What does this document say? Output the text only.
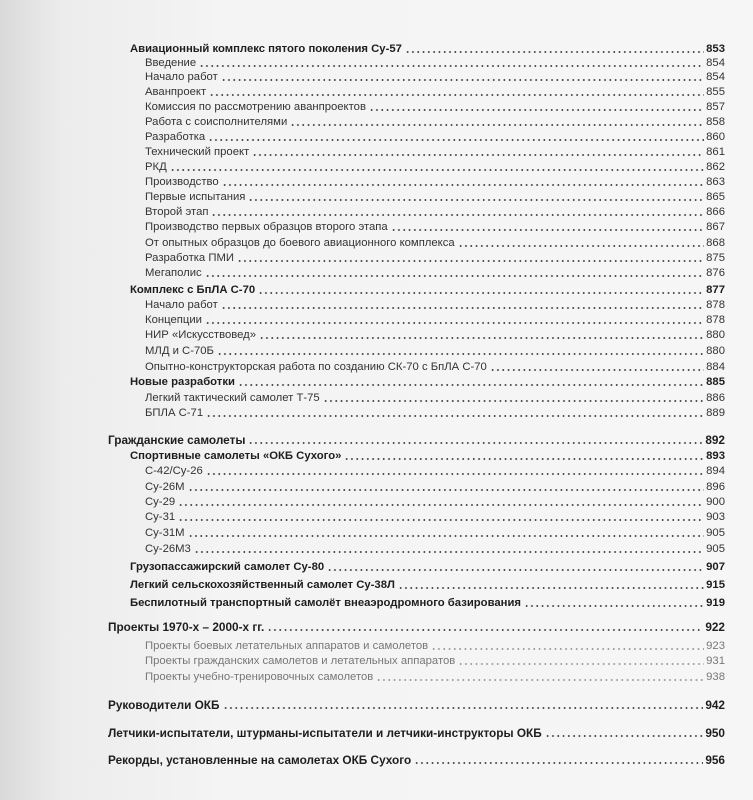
Авиационный комплекс пятого поколения Су-57	853
Введение	854
Начало работ	854
Аванпроект	855
Комиссия по рассмотрению аванпроектов	857
Работа с соисполнителями	858
Разработка	860
Технический проект	861
РКД	862
Производство	863
Первые испытания	865
Второй этап	866
Производство первых образцов второго этапа	867
От опытных образцов до боевого авиационного комплекса	868
Разработка ПМИ	875
Мегаполис	876
Комплекс с БпЛА С-70	877
Начало работ	878
Концепции	878
НИР «Искусствовед»	880
МЛД и С-70Б	880
Опытно-конструкторская работа по созданию СК-70 с БпЛА С-70	884
Новые разработки	885
Легкий тактический самолет Т-75	886
БПЛА С-71	889
Гражданские самолеты	892
Спортивные самолеты «ОКБ Сухого»	893
С-42/Су-26	894
Су-26М	896
Су-29	900
Су-31	903
Су-31М	905
Су-26М3	905
Грузопассажирский самолет Су-80	907
Легкий сельскохозяйственный самолет Су-38Л	915
Беспилотный транспортный самолёт внеаэродромного базирования	919
Проекты 1970-х – 2000-х гг.	922
Проекты боевых летательных аппаратов и самолетов	923
Проекты гражданских самолетов и летательных аппаратов	931
Проекты учебно-тренировочных самолетов	938
Руководители ОКБ	942
Летчики-испытатели, штурманы-испытатели и летчики-инструкторы ОКБ	950
Рекорды, установленные на самолетах ОКБ Сухого	956
